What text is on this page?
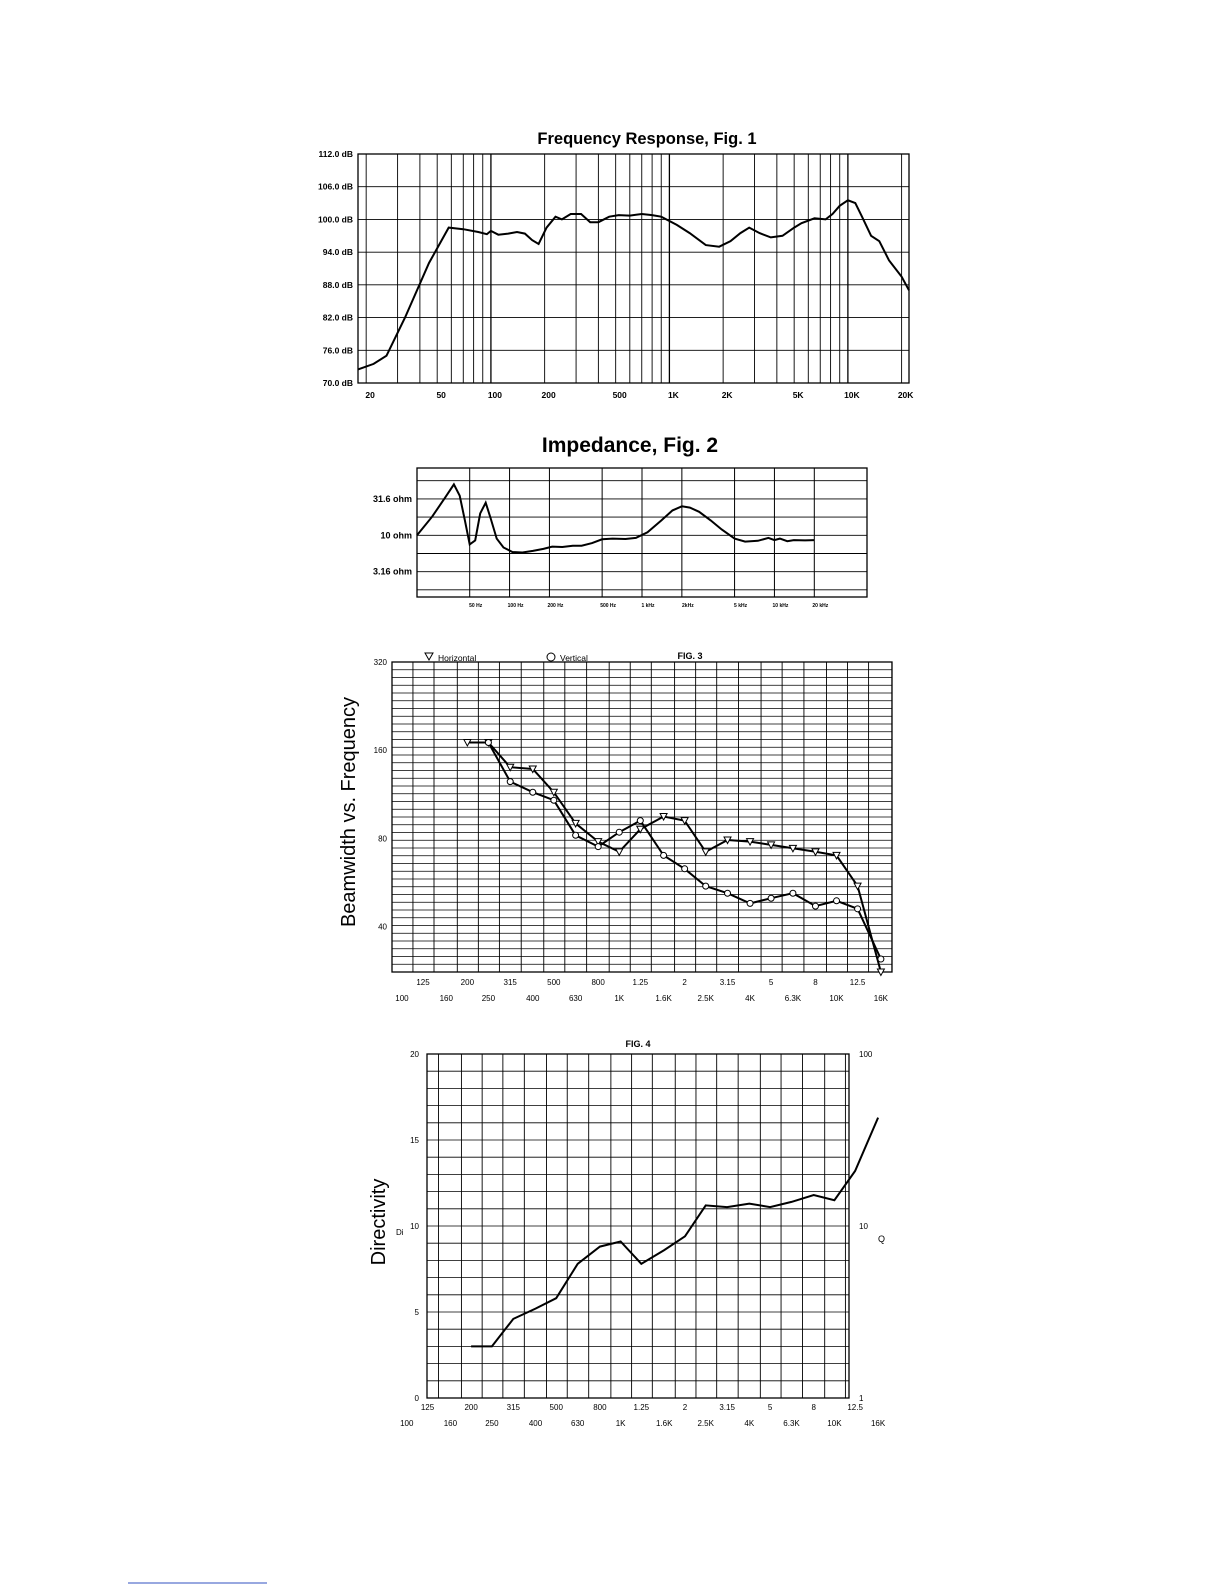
Frequency Response, Fig. 1
112.0 dB
106.0 dB
100.0 dB
94.0 dB
88.0 dB
82.0 dB
76.0 dB
70.0 dB
20	50	100	200	500	1K	2K	5K	10K	20K
Impedance, Fig. 2
31.6 ohm
10 ohm
3.16 ohm
50 Hz	100 Hz	200 Hz	500 Hz	1 kHz	2kHz	5 kHz	10 kHz	20 kHz
FIG. 3
Beamwidth vs. Frequency
Horizontal	Vertical
320
160
80
40
125	200	315	500	800	1.25	2	3.15	5	8	12.5
100	160	250	400	630	1K	1.6K	2.5K	4K	6.3K	10K	16K
FIG. 4
Directivity Di
Q
0
5
10
15
20
1
10
100
125	200	315	500	800	1.25	2	3.15	5	8	12.5
100	160	250	400	630	1K	1.6K	2.5K	4K	6.3K	10K	16K
